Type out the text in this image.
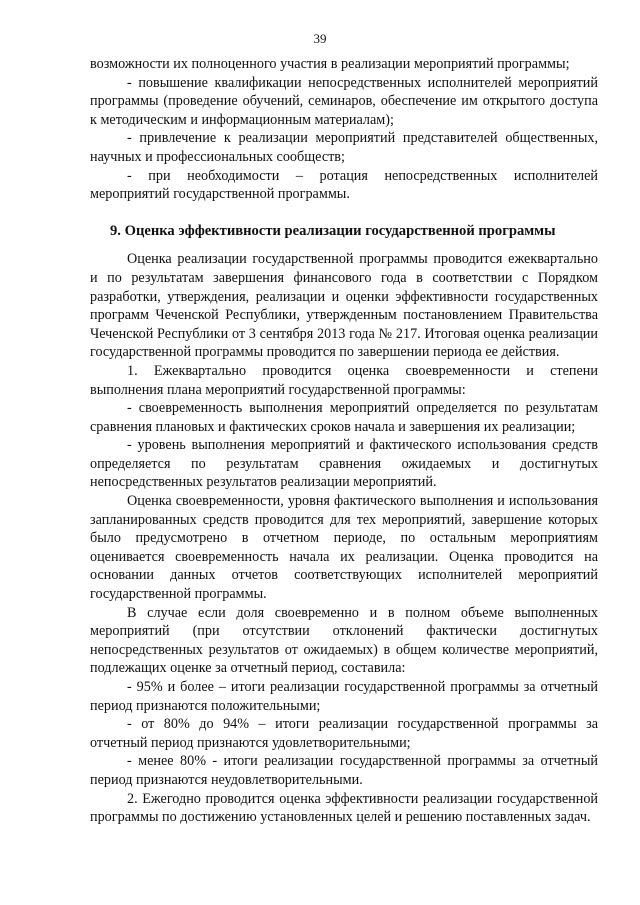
39

возможности их полноценного участия в реализации мероприятий программы;

- повышение квалификации непосредственных исполнителей мероприятий программы (проведение обучений, семинаров, обеспечение им открытого доступа к методическим и информационным материалам);

- привлечение к реализации мероприятий представителей общественных, научных и профессиональных сообществ;

- при необходимости – ротация непосредственных исполнителей мероприятий государственной программы.

9. Оценка эффективности реализации государственной программы

Оценка реализации государственной программы проводится ежеквартально и по результатам завершения финансового года в соответствии с Порядком разработки, утверждения, реализации и оценки эффективности государственных программ Чеченской Республики, утвержденным постановлением Правительства Чеченской Республики от 3 сентября 2013 года № 217. Итоговая оценка реализации государственной программы проводится по завершении периода ее действия.

1. Ежеквартально проводится оценка своевременности и степени выполнения плана мероприятий государственной программы:

- своевременность выполнения мероприятий определяется по результатам сравнения плановых и фактических сроков начала и завершения их реализации;

- уровень выполнения мероприятий и фактического использования средств определяется по результатам сравнения ожидаемых и достигнутых непосредственных результатов реализации мероприятий.

Оценка своевременности, уровня фактического выполнения и использования запланированных средств проводится для тех мероприятий, завершение которых было предусмотрено в отчетном периоде, по остальным мероприятиям оценивается своевременность начала их реализации. Оценка проводится на основании данных отчетов соответствующих исполнителей мероприятий государственной программы.

В случае если доля своевременно и в полном объеме выполненных мероприятий (при отсутствии отклонений фактически достигнутых непосредственных результатов от ожидаемых) в общем количестве мероприятий, подлежащих оценке за отчетный период, составила:

- 95% и более – итоги реализации государственной программы за отчетный период признаются положительными;

- от 80% до 94% – итоги реализации государственной программы за отчетный период признаются удовлетворительными;

- менее 80% - итоги реализации государственной программы за отчетный период признаются неудовлетворительными.

2. Ежегодно проводится оценка эффективности реализации государственной программы по достижению установленных целей и решению поставленных задач.
